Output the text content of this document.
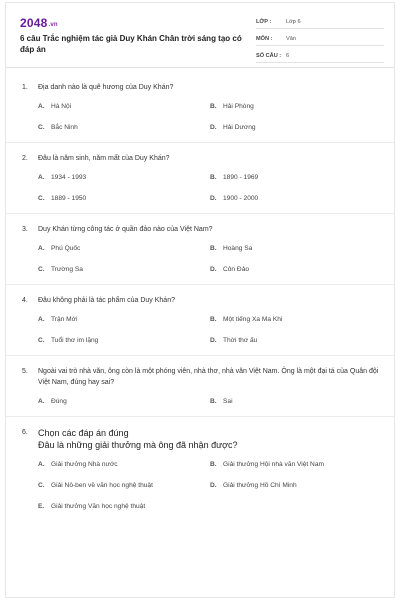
2048.vn
6 câu Trắc nghiệm tác giả Duy Khán Chân trời sáng tạo có đáp án
LỚP :	Lớp 6
MÔN :	Văn
SỐ CÂU : 6
1.	Địa danh nào là quê hương của Duy Khán?
A. Hà Nội	B. Hải Phòng
C. Bắc Ninh	D. Hải Dương
2.	Đâu là năm sinh, năm mất của Duy Khán?
A. 1934 - 1993	B. 1890 - 1969
C. 1889 - 1950	D. 1900 - 2000
3.	Duy Khán từng công tác ở quần đảo nào của Việt Nam?
A. Phú Quốc	B. Hoàng Sa
C. Trường Sa	D. Côn Đảo
4.	Đâu không phải là tác phẩm của Duy Khán?
A. Trận Mới	B. Một tiếng Xa Ma Khi
C. Tuổi thơ im lặng	D. Thời thơ ấu
5.	Ngoài vai trò nhà văn, ông còn là một phóng viên, nhà thơ, nhà văn Việt Nam. Ông là một đại tá của Quân đội Việt Nam, đúng hay sai?
A. Đúng	B. Sai
6.	Chọn các đáp án đúng
Đâu là những giải thưởng mà ông đã nhận được?
A. Giải thưởng Nhà nước	B. Giải thưởng Hội nhà văn Việt Nam
C. Giải Nô-ben về văn học nghệ thuật	D. Giải thưởng Hồ Chí Minh
E.	Giải thưởng Văn học nghệ thuật
